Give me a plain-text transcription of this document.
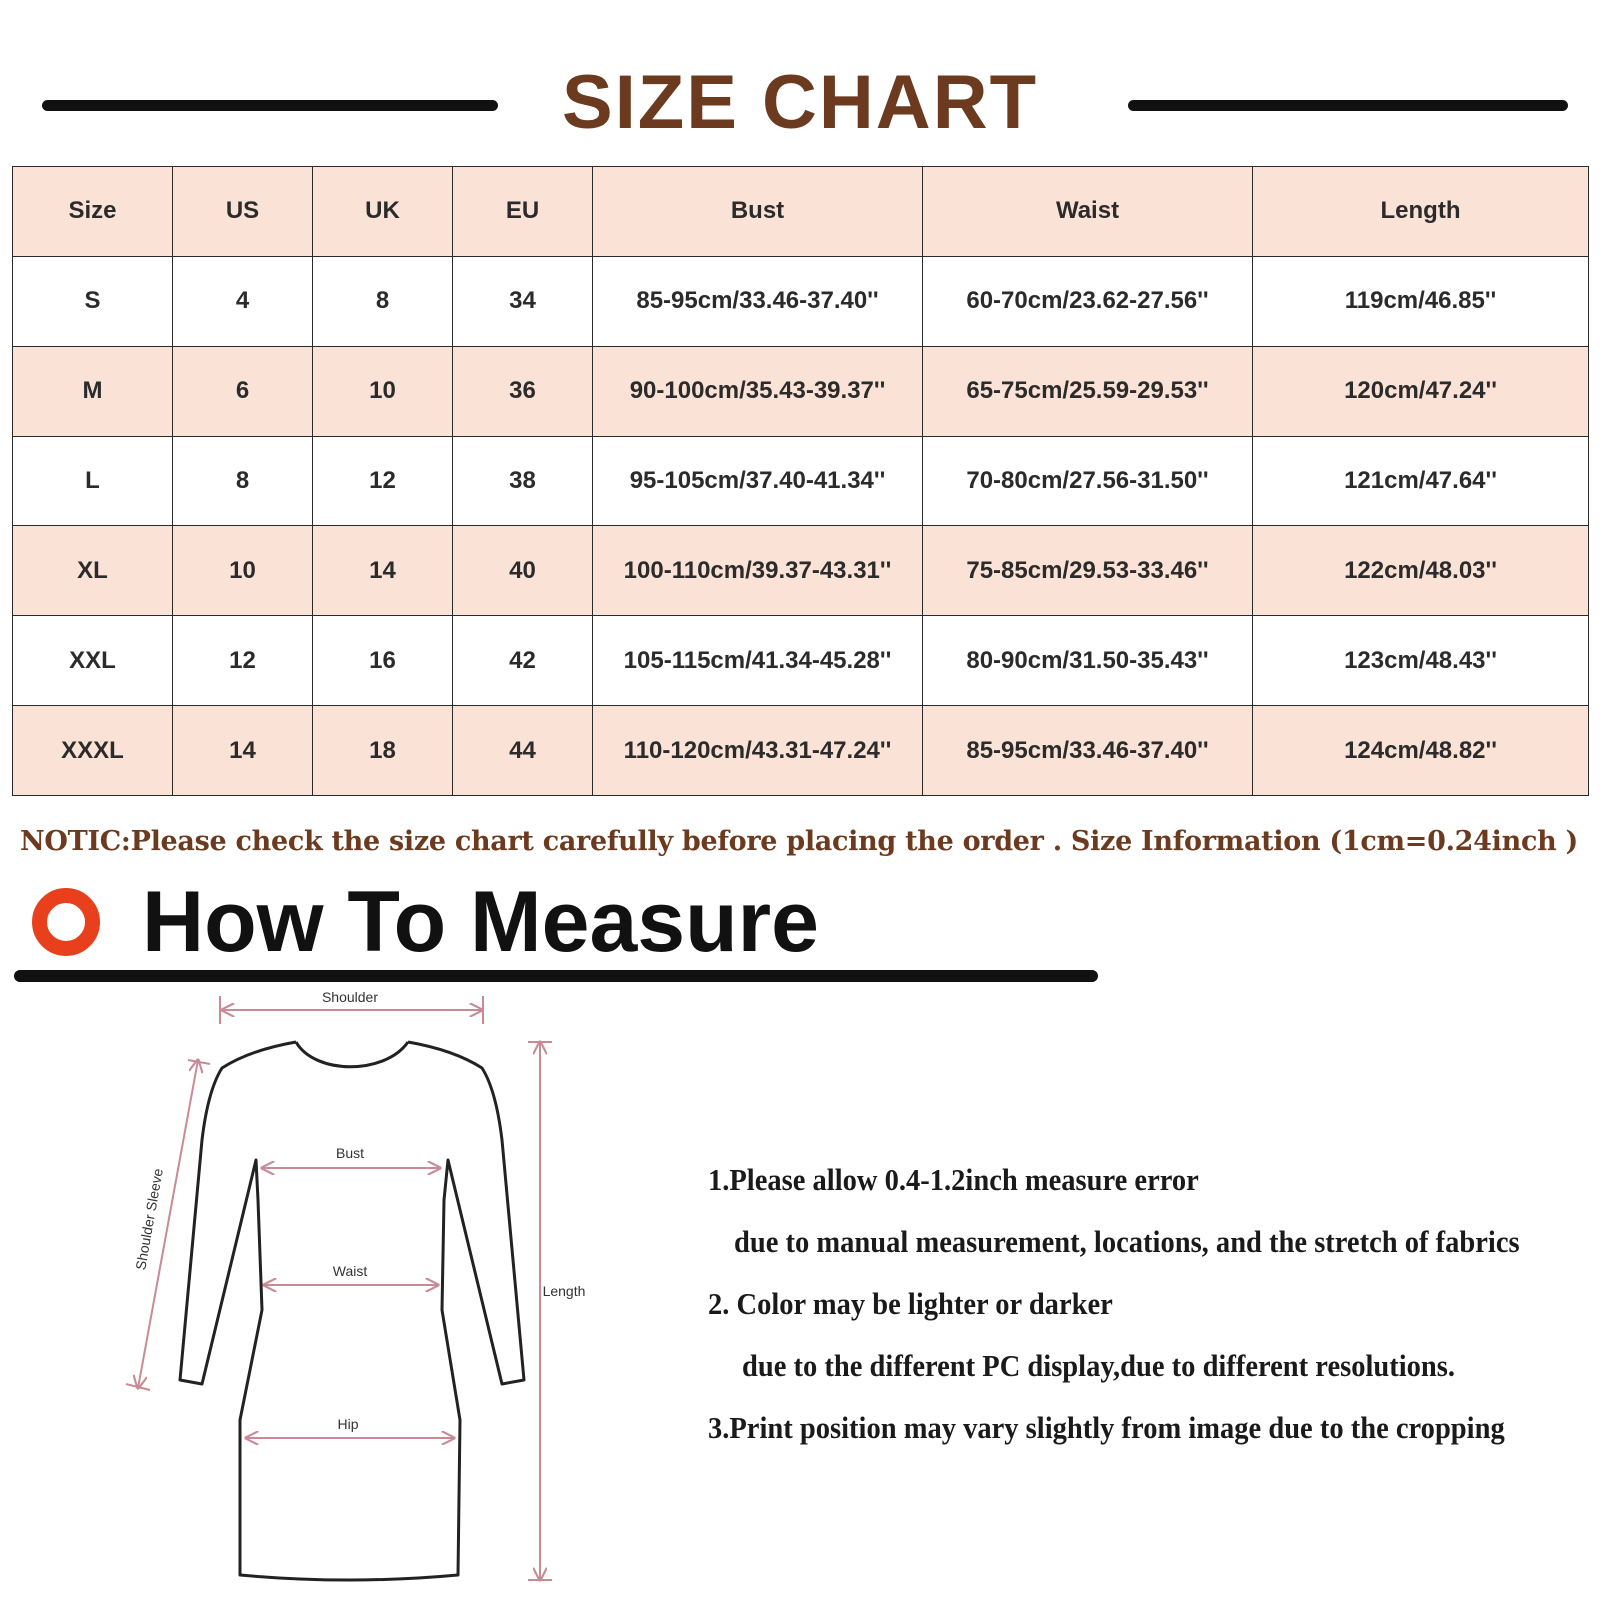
SIZE CHART
Size	US	UK	EU	Bust	Waist	Length
S	4	8	34	85-95cm/33.46-37.40''	60-70cm/23.62-27.56''	119cm/46.85''
M	6	10	36	90-100cm/35.43-39.37''	65-75cm/25.59-29.53''	120cm/47.24''
L	8	12	38	95-105cm/37.40-41.34''	70-80cm/27.56-31.50''	121cm/47.64''
XL	10	14	40	100-110cm/39.37-43.31''	75-85cm/29.53-33.46''	122cm/48.03''
XXL	12	16	42	105-115cm/41.34-45.28''	80-90cm/31.50-35.43''	123cm/48.43''
XXXL	14	18	44	110-120cm/43.31-47.24''	85-95cm/33.46-37.40''	124cm/48.82''
NOTIC:Please check the size chart carefully before placing the order . Size Information (1cm=0.24inch )
How To Measure
Shoulder
Bust
Waist
Hip
Length
Shoulder Sleeve	1.Please allow 0.4-1.2inch measure error
due to manual measurement, locations, and the stretch of fabrics
2. Color may be lighter or darker
due to the different PC display,due to different resolutions.
3.Print position may vary slightly from image due to the cropping
